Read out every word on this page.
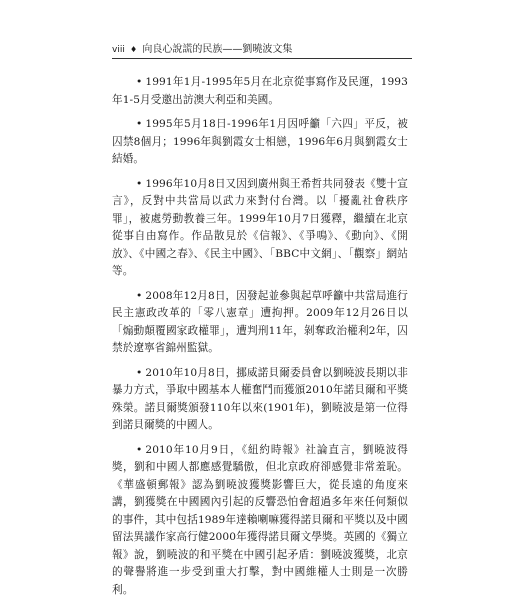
viii ♦ 向良心說謊的民族——劉曉波文集

• 1991年1月-1995年5月在北京從事寫作及民運，1993年1-5月受邀出訪澳大利亞和美國。

• 1995年5月18日-1996年1月因呼籲「六四」平反，被囚禁8個月；1996年與劉霞女士相戀，1996年6月與劉霞女士結婚。

• 1996年10月8日又因到廣州與王希哲共同發表《雙十宣言》，反對中共當局以武力來對付台灣。以「擾亂社會秩序罪」，被處勞動教養三年。1999年10月7日獲釋，繼續在北京從事自由寫作。作品散見於《信報》、《爭鳴》、《動向》、《開放》、《中國之春》、《民主中國》、「BBC中文網」、「觀察」網站等。

• 2008年12月8日，因發起並參與起草呼籲中共當局進行民主憲政改革的「零八憲章」遭拘押。2009年12月26日以「煽動顛覆國家政權罪」，遭判刑11年，剝奪政治權利2年，囚禁於遼寧省錦州監獄。

• 2010年10月8日，挪威諾貝爾委員會以劉曉波長期以非暴力方式，爭取中國基本人權奮鬥而獲頒2010年諾貝爾和平獎殊榮。諾貝爾獎頒發110年以來(1901年)，劉曉波是第一位得到諾貝爾獎的中國人。

• 2010年10月9日，《紐約時報》社論直言，劉曉波得獎，劉和中國人都應感覺驕傲，但北京政府卻感覺非常羞恥。《華盛頓郵報》認為劉曉波獲獎影響巨大，從長遠的角度來講，劉獲獎在中國國內引起的反響恐怕會超過多年來任何類似的事件，其中包括1989年達賴喇嘛獲得諾貝爾和平獎以及中國留法異議作家高行健2000年獲得諾貝爾文學獎。英國的《獨立報》說，劉曉波的和平獎在中國引起矛盾：劉曉波獲獎，北京的聲譽將進一步受到重大打擊，對中國維權人士則是一次勝利。
